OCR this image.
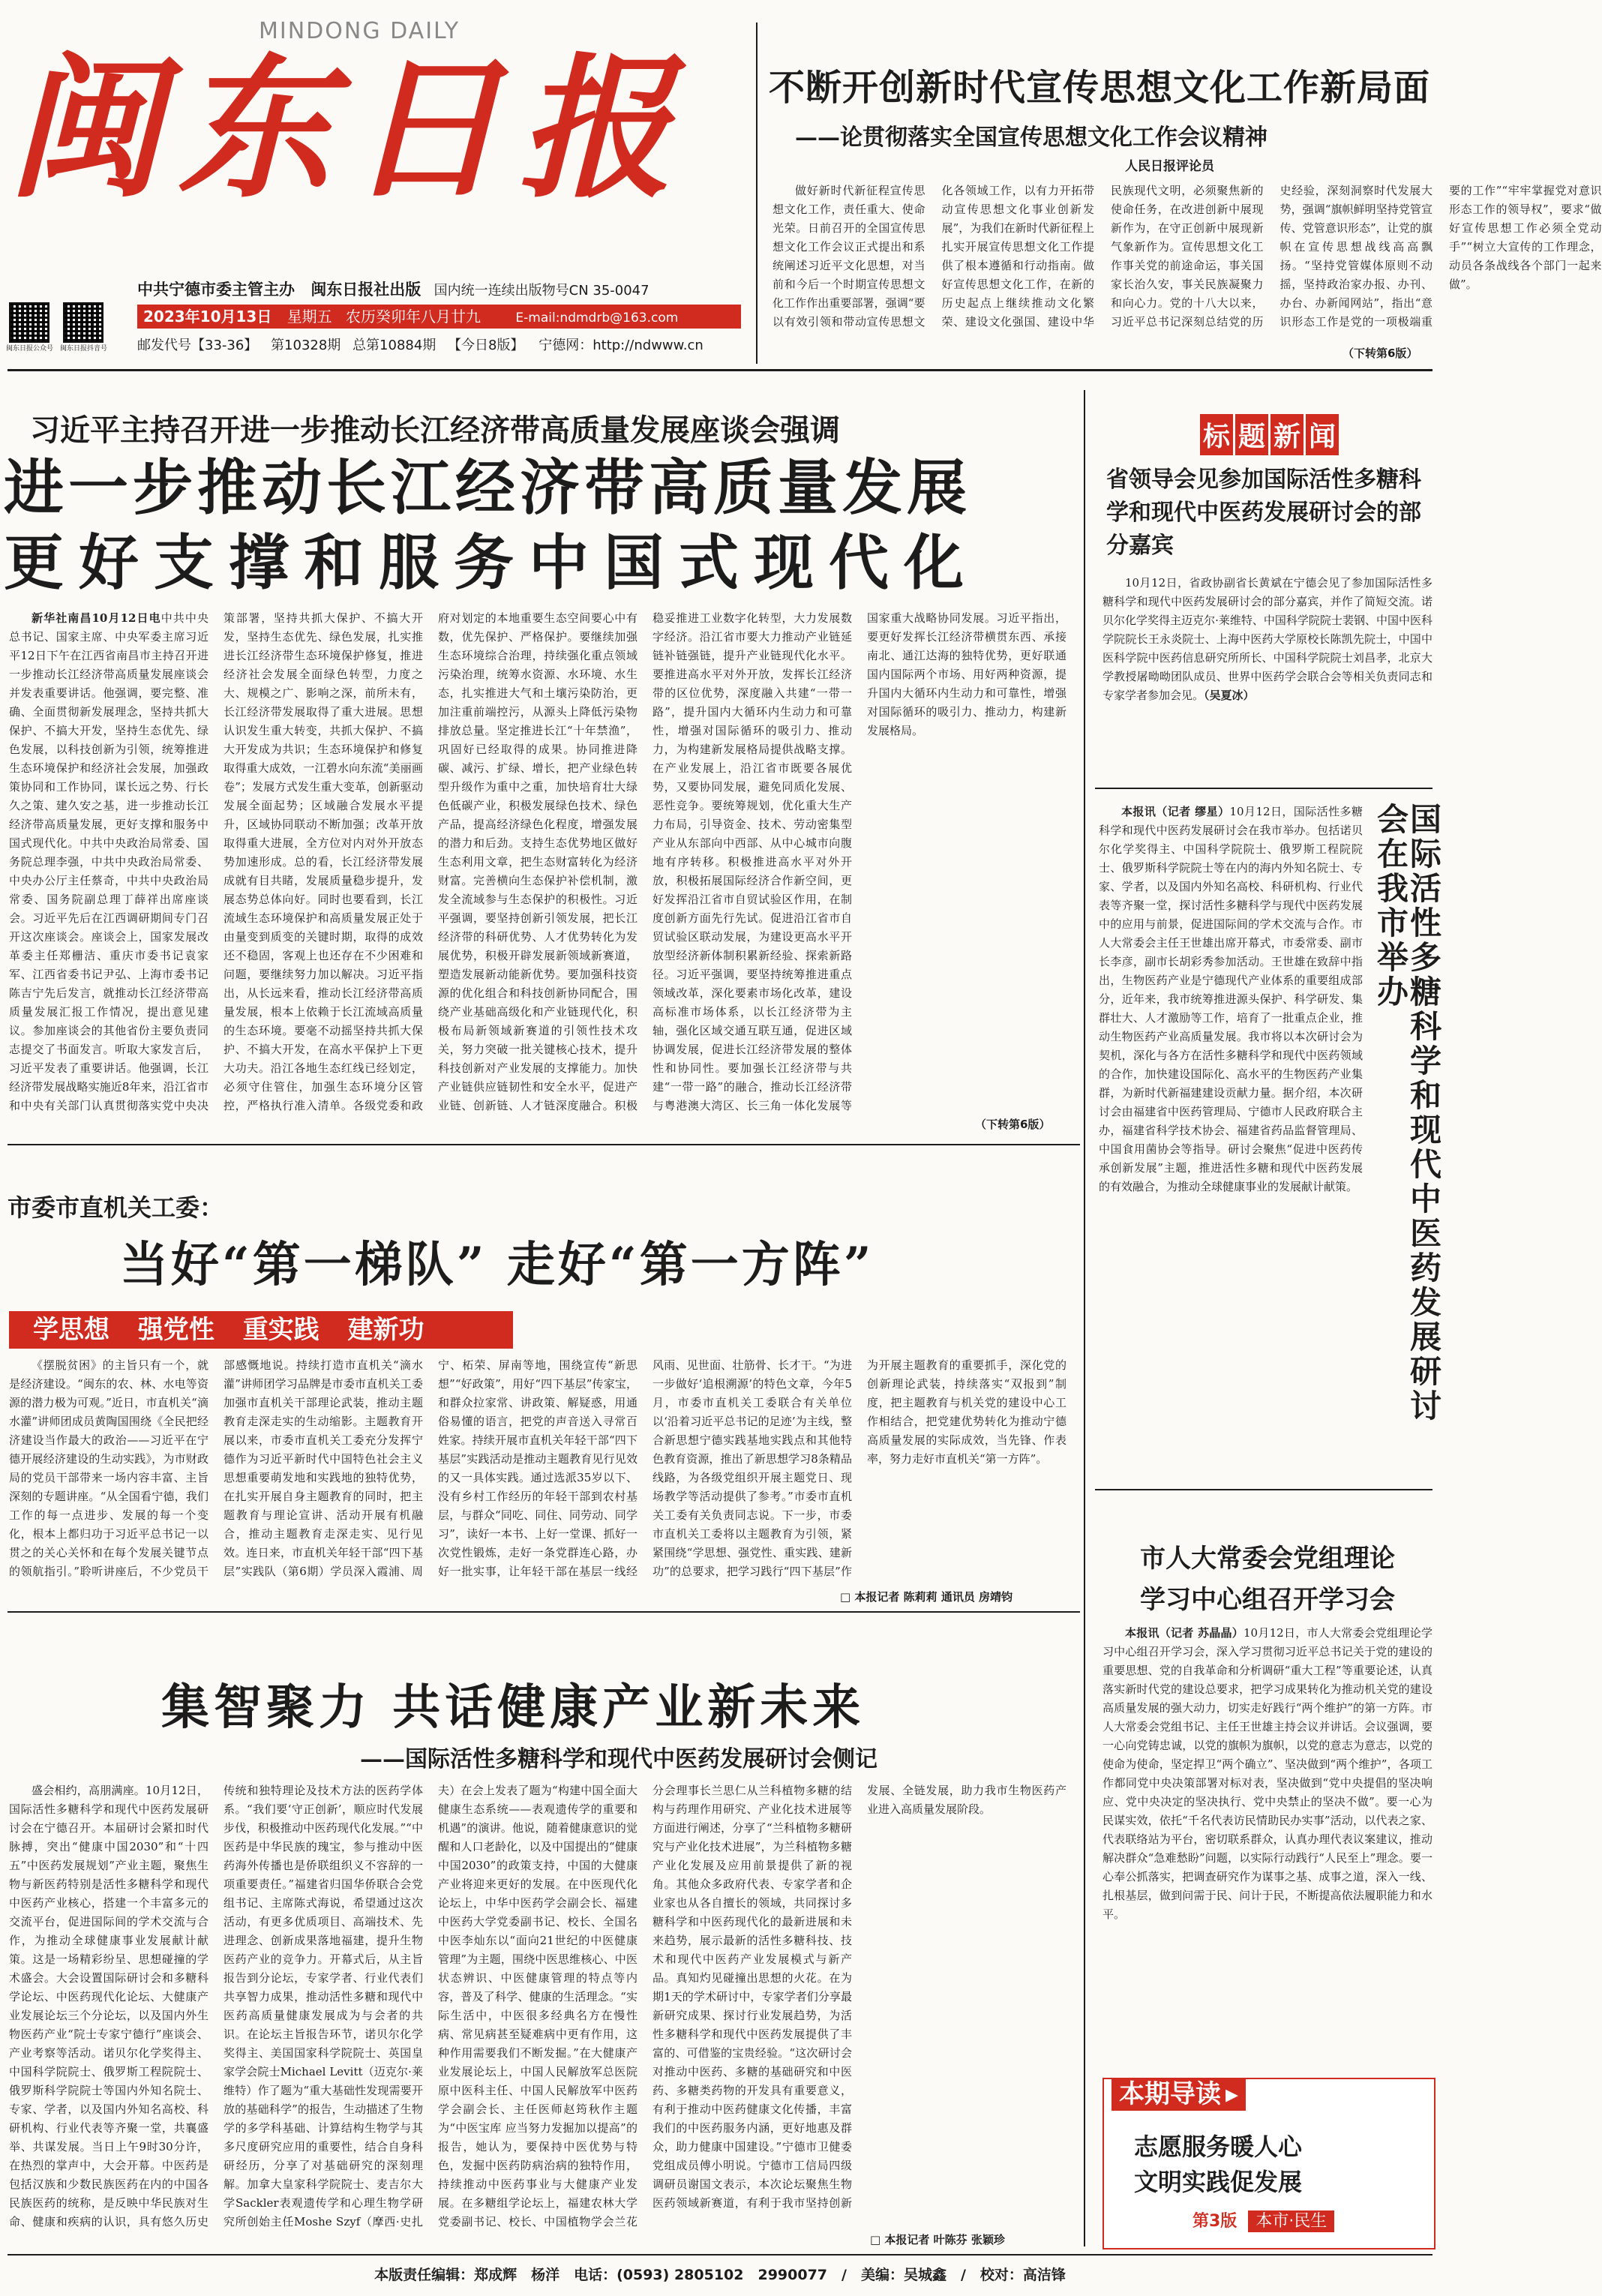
MINDONG DAILY
闽东日报
中共宁德市委主管主办 闽东日报社出版 国内统一连续出版物号CN 35-0047
闽东日报公众号 闽东日报抖音号
2023年10月13日 星期五 农历癸卯年八月廿九	E-mail:ndmdrb@163.com
邮发代号【33-36】 第10328期 总第10884期 【今日8版】 宁德网：http://ndwww.cn
不断开创新时代宣传思想文化工作新局面
——论贯彻落实全国宣传思想文化工作会议精神
人民日报评论员

做好新时代新征程宣传思想文化工作，责任重大、使命光荣。日前召开的全国宣传思想文化工作会议正式提出和系统阐述习近平文化思想，对当前和今后一个时期宣传思想文化工作作出重要部署，强调“要以有效引领和带动宣传思想文化各领域工作，以有力开拓带动宣传思想文化事业创新发展”，为我们在新时代新征程上扎实开展宣传思想文化工作提供了根本遵循和行动指南。做好宣传思想文化工作，在新的历史起点上继续推动文化繁荣、建设文化强国、建设中华民族现代文明，必须聚焦新的使命任务，在改进创新中展现新作为，在守正创新中展现新气象新作为。宣传思想文化工作事关党的前途命运，事关国家长治久安，事关民族凝聚力和向心力。党的十八大以来，习近平总书记深刻总结党的历史经验，深刻洞察时代发展大势，强调“旗帜鲜明坚持党管宣传、党管意识形态”，让党的旗帜在宣传思想战线高高飘扬。“坚持党管媒体原则不动摇，坚持政治家办报、办刊、办台、办新闻网站”，指出“意识形态工作是党的一项极端重要的工作”“牢牢掌握党对意识形态工作的领导权”，要求“做好宣传思想工作必须全党动手”“树立大宣传的工作理念，动员各条战线各个部门一起来做”。

（下转第6版）
习近平主持召开进一步推动长江经济带高质量发展座谈会强调
进一步推动长江经济带高质量发展
更好支撑和服务中国式现代化

新华社南昌10月12日电中共中央总书记、国家主席、中央军委主席习近平12日下午在江西省南昌市主持召开进一步推动长江经济带高质量发展座谈会并发表重要讲话。他强调，要完整、准确、全面贯彻新发展理念，坚持共抓大保护、不搞大开发，坚持生态优先、绿色发展，以科技创新为引领，统筹推进生态环境保护和经济社会发展，加强政策协同和工作协同，谋长远之势、行长久之策、建久安之基，进一步推动长江经济带高质量发展，更好支撑和服务中国式现代化。中共中央政治局常委、国务院总理李强，中共中央政治局常委、中央办公厅主任蔡奇，中共中央政治局常委、国务院副总理丁薛祥出席座谈会。习近平先后在江西调研期间专门召开这次座谈会。座谈会上，国家发展改革委主任郑栅洁、重庆市委书记袁家军、江西省委书记尹弘、上海市委书记陈吉宁先后发言，就推动长江经济带高质量发展汇报工作情况，提出意见建议。参加座谈会的其他省份主要负责同志提交了书面发言。听取大家发言后，习近平发表了重要讲话。他强调，长江经济带发展战略实施近8年来，沿江省市和中央有关部门认真贯彻落实党中央决策部署，坚持共抓大保护、不搞大开发，坚持生态优先、绿色发展，扎实推进长江经济带生态环境保护修复，推进经济社会发展全面绿色转型，力度之大、规模之广、影响之深，前所未有，长江经济带发展取得了重大进展。思想认识发生重大转变，共抓大保护、不搞大开发成为共识；生态环境保护和修复取得重大成效，一江碧水向东流“美丽画卷”；发展方式发生重大变革，创新驱动发展全面起势；区域融合发展水平提升，区域协同联动不断加强；改革开放取得重大进展，全方位对内对外开放态势加速形成。总的看，长江经济带发展成就有目共睹，发展质量稳步提升，发展态势总体向好。同时也要看到，长江流域生态环境保护和高质量发展正处于由量变到质变的关键时期，取得的成效还不稳固，客观上也还存在不少困难和问题，要继续努力加以解决。习近平指出，从长远来看，推动长江经济带高质量发展，根本上依赖于长江流域高质量的生态环境。要毫不动摇坚持共抓大保护、不搞大开发，在高水平保护上下更大功夫。沿江各地生态红线已经划定，必须守住管住，加强生态环境分区管控，严格执行准入清单。各级党委和政府对划定的本地重要生态空间要心中有数，优先保护、严格保护。要继续加强生态环境综合治理，持续强化重点领域污染治理，统筹水资源、水环境、水生态，扎实推进大气和土壤污染防治，更加注重前端控污，从源头上降低污染物排放总量。坚定推进长江“十年禁渔”，巩固好已经取得的成果。协同推进降碳、减污、扩绿、增长，把产业绿色转型升级作为重中之重，加快培育壮大绿色低碳产业，积极发展绿色技术、绿色产品，提高经济绿色化程度，增强发展的潜力和后劲。支持生态优势地区做好生态利用文章，把生态财富转化为经济财富。完善横向生态保护补偿机制，激发全流域参与生态保护的积极性。习近平强调，要坚持创新引领发展，把长江经济带的科研优势、人才优势转化为发展优势，积极开辟发展新领域新赛道，塑造发展新动能新优势。要加强科技资源的优化组合和科技创新协同配合，围绕产业基础高级化和产业链现代化，积极布局新领域新赛道的引领性技术攻关，努力突破一批关键核心技术，提升科技创新对产业发展的支撑能力。加快产业链供应链韧性和安全水平，促进产业链、创新链、人才链深度融合。积极稳妥推进工业数字化转型，大力发展数字经济。沿江省市要大力推动产业链延链补链强链，提升产业链现代化水平。要推进高水平对外开放，发挥长江经济带的区位优势，深度融入共建“一带一路”，提升国内大循环内生动力和可靠性，增强对国际循环的吸引力、推动力，为构建新发展格局提供战略支撑。在产业发展上，沿江省市既要各展优势，又要协同发展，避免同质化发展、恶性竞争。要统筹规划，优化重大生产力布局，引导资金、技术、劳动密集型产业从东部向中西部、从中心城市向腹地有序转移。积极推进高水平对外开放，积极拓展国际经济合作新空间，更好发挥沿江省市自贸试验区作用，在制度创新方面先行先试。促进沿江省市自贸试验区联动发展，为建设更高水平开放型经济新体制积累新经验、探索新路径。习近平强调，要坚持统筹推进重点领域改革，深化要素市场化改革，建设高标准市场体系，以长江经济带为主轴，强化区域交通互联互通，促进区域协调发展，促进长江经济带发展的整体性和协同性。要加强长江经济带与共建“一带一路”的融合，推动长江经济带与粤港澳大湾区、长三角一体化发展等国家重大战略协同发展。习近平指出，要更好发挥长江经济带横贯东西、承接南北、通江达海的独特优势，更好联通国内国际两个市场、用好两种资源，提升国内大循环内生动力和可靠性，增强对国际循环的吸引力、推动力，构建新发展格局。

（下转第6版）
标 题 新 闻
省领导会见参加国际活性多糖科学和现代中医药发展研讨会的部分嘉宾

10月12日，省政协副省长黄斌在宁德会见了参加国际活性多糖科学和现代中医药发展研讨会的部分嘉宾，并作了简短交流。诺贝尔化学奖得主迈克尔·莱维特、中国科学院院士裴钢、中国中医科学院院长王永炎院士、上海中医药大学原校长陈凯先院士，中国中医科学院中医药信息研究所所长、中国科学院院士刘昌孝，北京大学教授屠呦呦团队成员、世界中医药学会联合会等相关负责同志和专家学者参加会见。（吴夏冰）

本报讯（记者 缪星）10月12日，国际活性多糖科学和现代中医药发展研讨会在我市举办。包括诺贝尔化学奖得主、中国科学院院士、俄罗斯工程院院士、俄罗斯科学院院士等在内的海内外知名院士、专家、学者，以及国内外知名高校、科研机构、行业代表等齐聚一堂，探讨活性多糖科学与现代中医药发展中的应用与前景，促进国际间的学术交流与合作。市人大常委会主任王世雄出席开幕式，市委常委、副市长李彦，副市长胡彩秀参加活动。王世雄在致辞中指出，生物医药产业是宁德现代产业体系的重要组成部分，近年来，我市统筹推进源头保护、科学研发、集群壮大、人才激励等工作，培育了一批重点企业，推动生物医药产业高质量发展。我市将以本次研讨会为契机，深化与各方在活性多糖科学和现代中医药领域的合作，加快建设国际化、高水平的生物医药产业集群，为新时代新福建建设贡献力量。据介绍，本次研讨会由福建省中医药管理局、宁德市人民政府联合主办，福建省科学技术协会、福建省药品监督管理局、中国食用菌协会等指导。研讨会聚焦“促进中医药传承创新发展”主题，推进活性多糖和现代中医药发展的有效融合，为推动全球健康事业的发展献计献策。	国际活性多糖科学和现代中医药发展研讨会在我市举办
市委市直机关工委：
当好“第一梯队” 走好“第一方阵”
学思想 强党性 重实践 建新功

《摆脱贫困》的主旨只有一个，就是经济建设。“闽东的农、林、水电等资源的潜力极为可观。”近日，市直机关“滴水灌”讲师团成员黄陶国围绕《全民把经济建设当作最大的政治——习近平在宁德开展经济建设的生动实践》，为市财政局的党员干部带来一场内容丰富、主旨深刻的专题讲座。“从全国看宁德，我们工作的每一点进步、发展的每一个变化，根本上都归功于习近平总书记一以贯之的关心关怀和在每个发展关键节点的领航指引。”聆听讲座后，不少党员干部感慨地说。持续打造市直机关“滴水灌”讲师团学习品牌是市委市直机关工委加强市直机关干部理论武装，推动主题教育走深走实的生动缩影。主题教育开展以来，市委市直机关工委充分发挥宁德作为习近平新时代中国特色社会主义思想重要萌发地和实践地的独特优势，在扎实开展自身主题教育的同时，把主题教育与理论宣讲、活动开展有机融合，推动主题教育走深走实、见行见效。连日来，市直机关年轻干部“四下基层”实践队（第6期）学员深入霞浦、周宁、柘荣、屏南等地，围绕宣传“新思想”“好政策”，用好“四下基层”传家宝，和群众拉家常、讲政策、解疑惑，用通俗易懂的语言，把党的声音送入寻常百姓家。持续开展市直机关年轻干部“四下基层”实践活动是推动主题教育见行见效的又一具体实践。通过选派35岁以下、没有乡村工作经历的年轻干部到农村基层，与群众“同吃、同住、同劳动、同学习”，读好一本书、上好一堂课、抓好一次党性锻炼，走好一条党群连心路，办好一批实事，让年轻干部在基层一线经风雨、见世面、壮筋骨、长才干。“为进一步做好‘追根溯源’的特色文章，今年5月，市委市直机关工委联合有关单位以‘沿着习近平总书记的足迹’为主线，整合新思想宁德实践基地实践点和其他特色教育资源，推出了新思想学习8条精品线路，为各级党组织开展主题党日、现场教学等活动提供了参考。”市委市直机关工委有关负责同志说。下一步，市委市直机关工委将以主题教育为引领，紧紧围绕“学思想、强党性、重实践、建新功”的总要求，把学习践行“四下基层”作为开展主题教育的重要抓手，深化党的创新理论武装，持续落实“双报到”制度，把主题教育与机关党的建设中心工作相结合，把党建优势转化为推动宁德高质量发展的实际成效，当先锋、作表率，努力走好市直机关“第一方阵”。

□ 本报记者 陈莉莉 通讯员 房靖钧
集智聚力 共话健康产业新未来
——国际活性多糖科学和现代中医药发展研讨会侧记

盛会相约，高朋满座。10月12日，国际活性多糖科学和现代中医药发展研讨会在宁德召开。本届研讨会紧扣时代脉搏，突出“健康中国2030”和“十四五”中医药发展规划”产业主题，聚焦生物与新医药特别是活性多糖科学和现代中医药产业核心，搭建一个丰富多元的交流平台，促进国际间的学术交流与合作，为推动全球健康事业发展献计献策。这是一场精彩纷呈、思想碰撞的学术盛会。大会设置国际研讨会和多糖科学论坛、中医药现代化论坛、大健康产业发展论坛三个分论坛，以及国内外生物医药产业“院士专家宁德行”座谈会、产业考察等活动。诺贝尔化学奖得主、中国科学院院士、俄罗斯工程院院士、俄罗斯科学院院士等国内外知名院士、专家、学者，以及国内外知名高校、科研机构、行业代表等齐聚一堂，共襄盛举、共谋发展。当日上午9时30分许，在热烈的掌声中，大会开幕。中医药是包括汉族和少数民族医药在内的中国各民族医药的统称，是反映中华民族对生命、健康和疾病的认识，具有悠久历史传统和独特理论及技术方法的医药学体系。“我们要‘守正创新’，顺应时代发展步伐，积极推动中医药现代化发展。”“中医药是中华民族的瑰宝，参与推动中医药海外传播也是侨联组织义不容辞的一项重要责任。”福建省归国华侨联合会党组书记、主席陈式海说，希望通过这次活动，有更多优质项目、高端技术、先进理念、创新成果落地福建，提升生物医药产业的竞争力。开幕式后，从主旨报告到分论坛，专家学者、行业代表们共享智力成果，推动活性多糖和现代中医药高质量健康发展成为与会者的共识。在论坛主旨报告环节，诺贝尔化学奖得主、美国国家科学院院士、英国皇家学会院士Michael Levitt（迈克尔·莱维特）作了题为“重大基础性发现需要开放的基础科学”的报告，生动描述了生物学的多学科基础、计算结构生物学与其多尺度研究应用的重要性，结合自身科研经历，分享了对基础研究的深刻理解。加拿大皇家科学院院士、麦吉尔大学Sackler表观遗传学和心理生物学研究所创始主任Moshe Szyf（摩西·史扎夫）在会上发表了题为“构建中国全面大健康生态系统——表观遗传学的重要和机遇”的演讲。他说，随着健康意识的觉醒和人口老龄化，以及中国提出的“健康中国2030”的政策支持，中国的大健康产业将迎来更好的发展。在中医现代化论坛上，中华中医药学会副会长、福建中医药大学党委副书记、校长、全国名中医李灿东以“面向21世纪的中医健康管理”为主题，围绕中医思维核心、中医状态辨识、中医健康管理的特点等内容，普及了科学、健康的生活理念。“实际生活中，中医很多经典名方在慢性病、常见病甚至疑难病中更有作用，这种作用需要我们不断发掘。”在大健康产业发展论坛上，中国人民解放军总医院原中医科主任、中国人民解放军中医药学会副会长、主任医师赵筠秋作主题为“中医宝库 应当努力发掘加以提高”的报告，她认为，要保持中医优势与特色，发掘中医药防病治病的独特作用，持续推动中医药事业与大健康产业发展。在多糖组学论坛上，福建农林大学党委副书记、校长、中国植物学会兰花分会理事长兰思仁从兰科植物多糖的结构与药理作用研究、产业化技术进展等方面进行阐述，分享了“兰科植物多糖研究与产业化技术进展”，为兰科植物多糖产业化发展及应用前景提供了新的视角。其他众多政府代表、专家学者和企业家也从各自擅长的领域，共同探讨多糖科学和中医药现代化的最新进展和未来趋势，展示最新的活性多糖科技、技术和现代中医药产业发展模式与新产品。真知灼见碰撞出思想的火花。在为期1天的学术研讨中，专家学者们分享最新研究成果、探讨行业发展趋势，为活性多糖科学和现代中医药发展提供了丰富的、可借鉴的宝贵经验。“这次研讨会对推动中医药、多糖的基础研究和中医药、多糖类药物的开发具有重要意义，有利于推动中医药健康文化传播，丰富我们的中医药服务内涵，更好地惠及群众，助力健康中国建设。”宁德市卫健委党组成员傅小明说。宁德市工信局四级调研员谢国文表示，本次论坛聚焦生物医药领域新赛道，有利于我市坚持创新发展、全链发展，助力我市生物医药产业进入高质量发展阶段。

□ 本报记者 叶陈芬 张颖珍
市人大常委会党组理论
学习中心组召开学习会

本报讯（记者 苏晶晶）10月12日，市人大常委会党组理论学习中心组召开学习会，深入学习贯彻习近平总书记关于党的建设的重要思想、党的自我革命和分析调研“重大工程”等重要论述，认真落实新时代党的建设总要求，把学习成果转化为推动机关党的建设高质量发展的强大动力，切实走好践行“两个维护”的第一方阵。市人大常委会党组书记、主任王世雄主持会议并讲话。会议强调，要一心向党铸忠诚，以党的旗帜为旗帜，以党的意志为意志，以党的使命为使命，坚定捍卫“两个确立”、坚决做到“两个维护”，各项工作都同党中央决策部署对标对表，坚决做到“党中央提倡的坚决响应、党中央决定的坚决执行、党中央禁止的坚决不做”。要一心为民谋实效，依托“千名代表访民情助民办实事”活动，以代表之家、代表联络站为平台，密切联系群众，认真办理代表议案建议，推动解决群众“急难愁盼”问题，以实际行动践行“人民至上”理念。要一心奉公抓落实，把调查研究作为谋事之基、成事之道，深入一线、扎根基层，做到问需于民、问计于民，不断提高依法履职能力和水平。

本期导读 ▸
志愿服务暖人心
文明实践促发展
第3版 本市·民生
本版责任编辑：郑成辉　杨洋　电话：(0593) 2805102　2990077　/　美编：吴城鑫　/　校对：高洁锋
